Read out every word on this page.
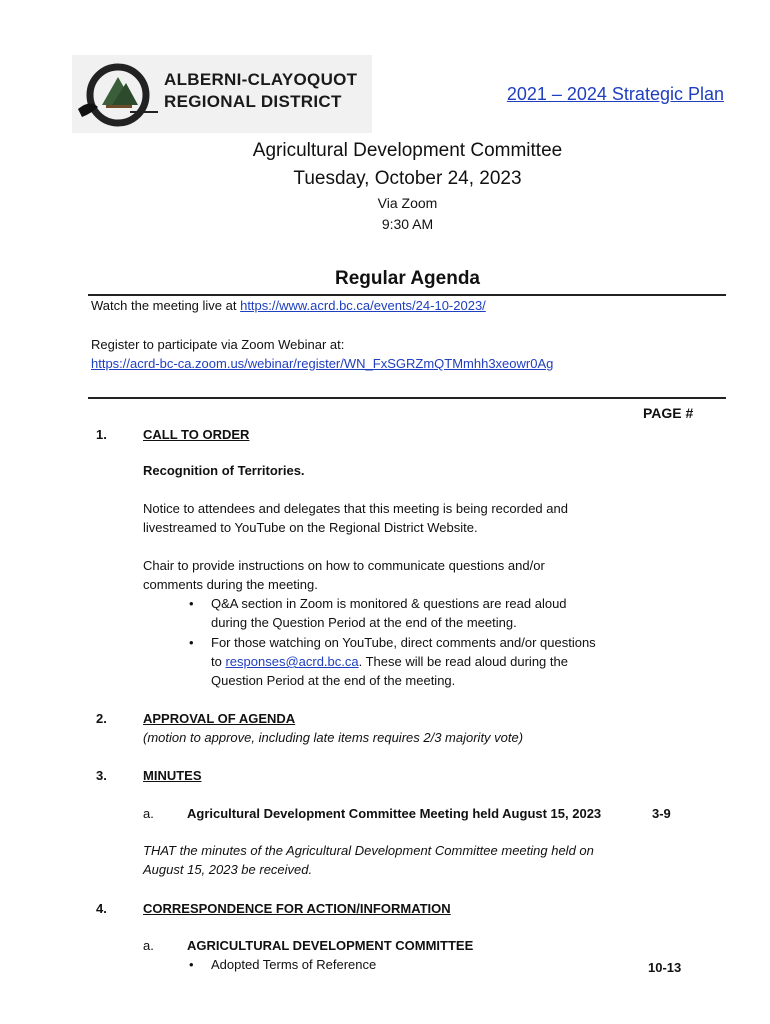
ALBERNI-CLAYOQUOT
REGIONAL DISTRICT	2021 – 2024 Strategic Plan
Agricultural Development Committee
Tuesday, October 24, 2023
Via Zoom
9:30 AM
Regular Agenda
Watch the meeting live at https://www.acrd.bc.ca/events/24-10-2023/
Register to participate via Zoom Webinar at:
https://acrd-bc-ca.zoom.us/webinar/register/WN_FxSGRZmQTMmhh3xeowr0Ag
PAGE #
1.	CALL TO ORDER
Recognition of Territories.
Notice to attendees and delegates that this meeting is being recorded and
livestreamed to YouTube on the Regional District Website.
Chair to provide instructions on how to communicate questions and/or
comments during the meeting.
• Q&A section in Zoom is monitored & questions are read aloud
during the Question Period at the end of the meeting.
• For those watching on YouTube, direct comments and/or questions
to responses@acrd.bc.ca. These will be read aloud during the
Question Period at the end of the meeting.
2.	APPROVAL OF AGENDA
(motion to approve, including late items requires 2/3 majority vote)
3.	MINUTES
a.	Agricultural Development Committee Meeting held August 15, 2023	3-9
THAT the minutes of the Agricultural Development Committee meeting held on
August 15, 2023 be received.
4.	CORRESPONDENCE FOR ACTION/INFORMATION
a.	AGRICULTURAL DEVELOPMENT COMMITTEE
• Adopted Terms of Reference	10-13
